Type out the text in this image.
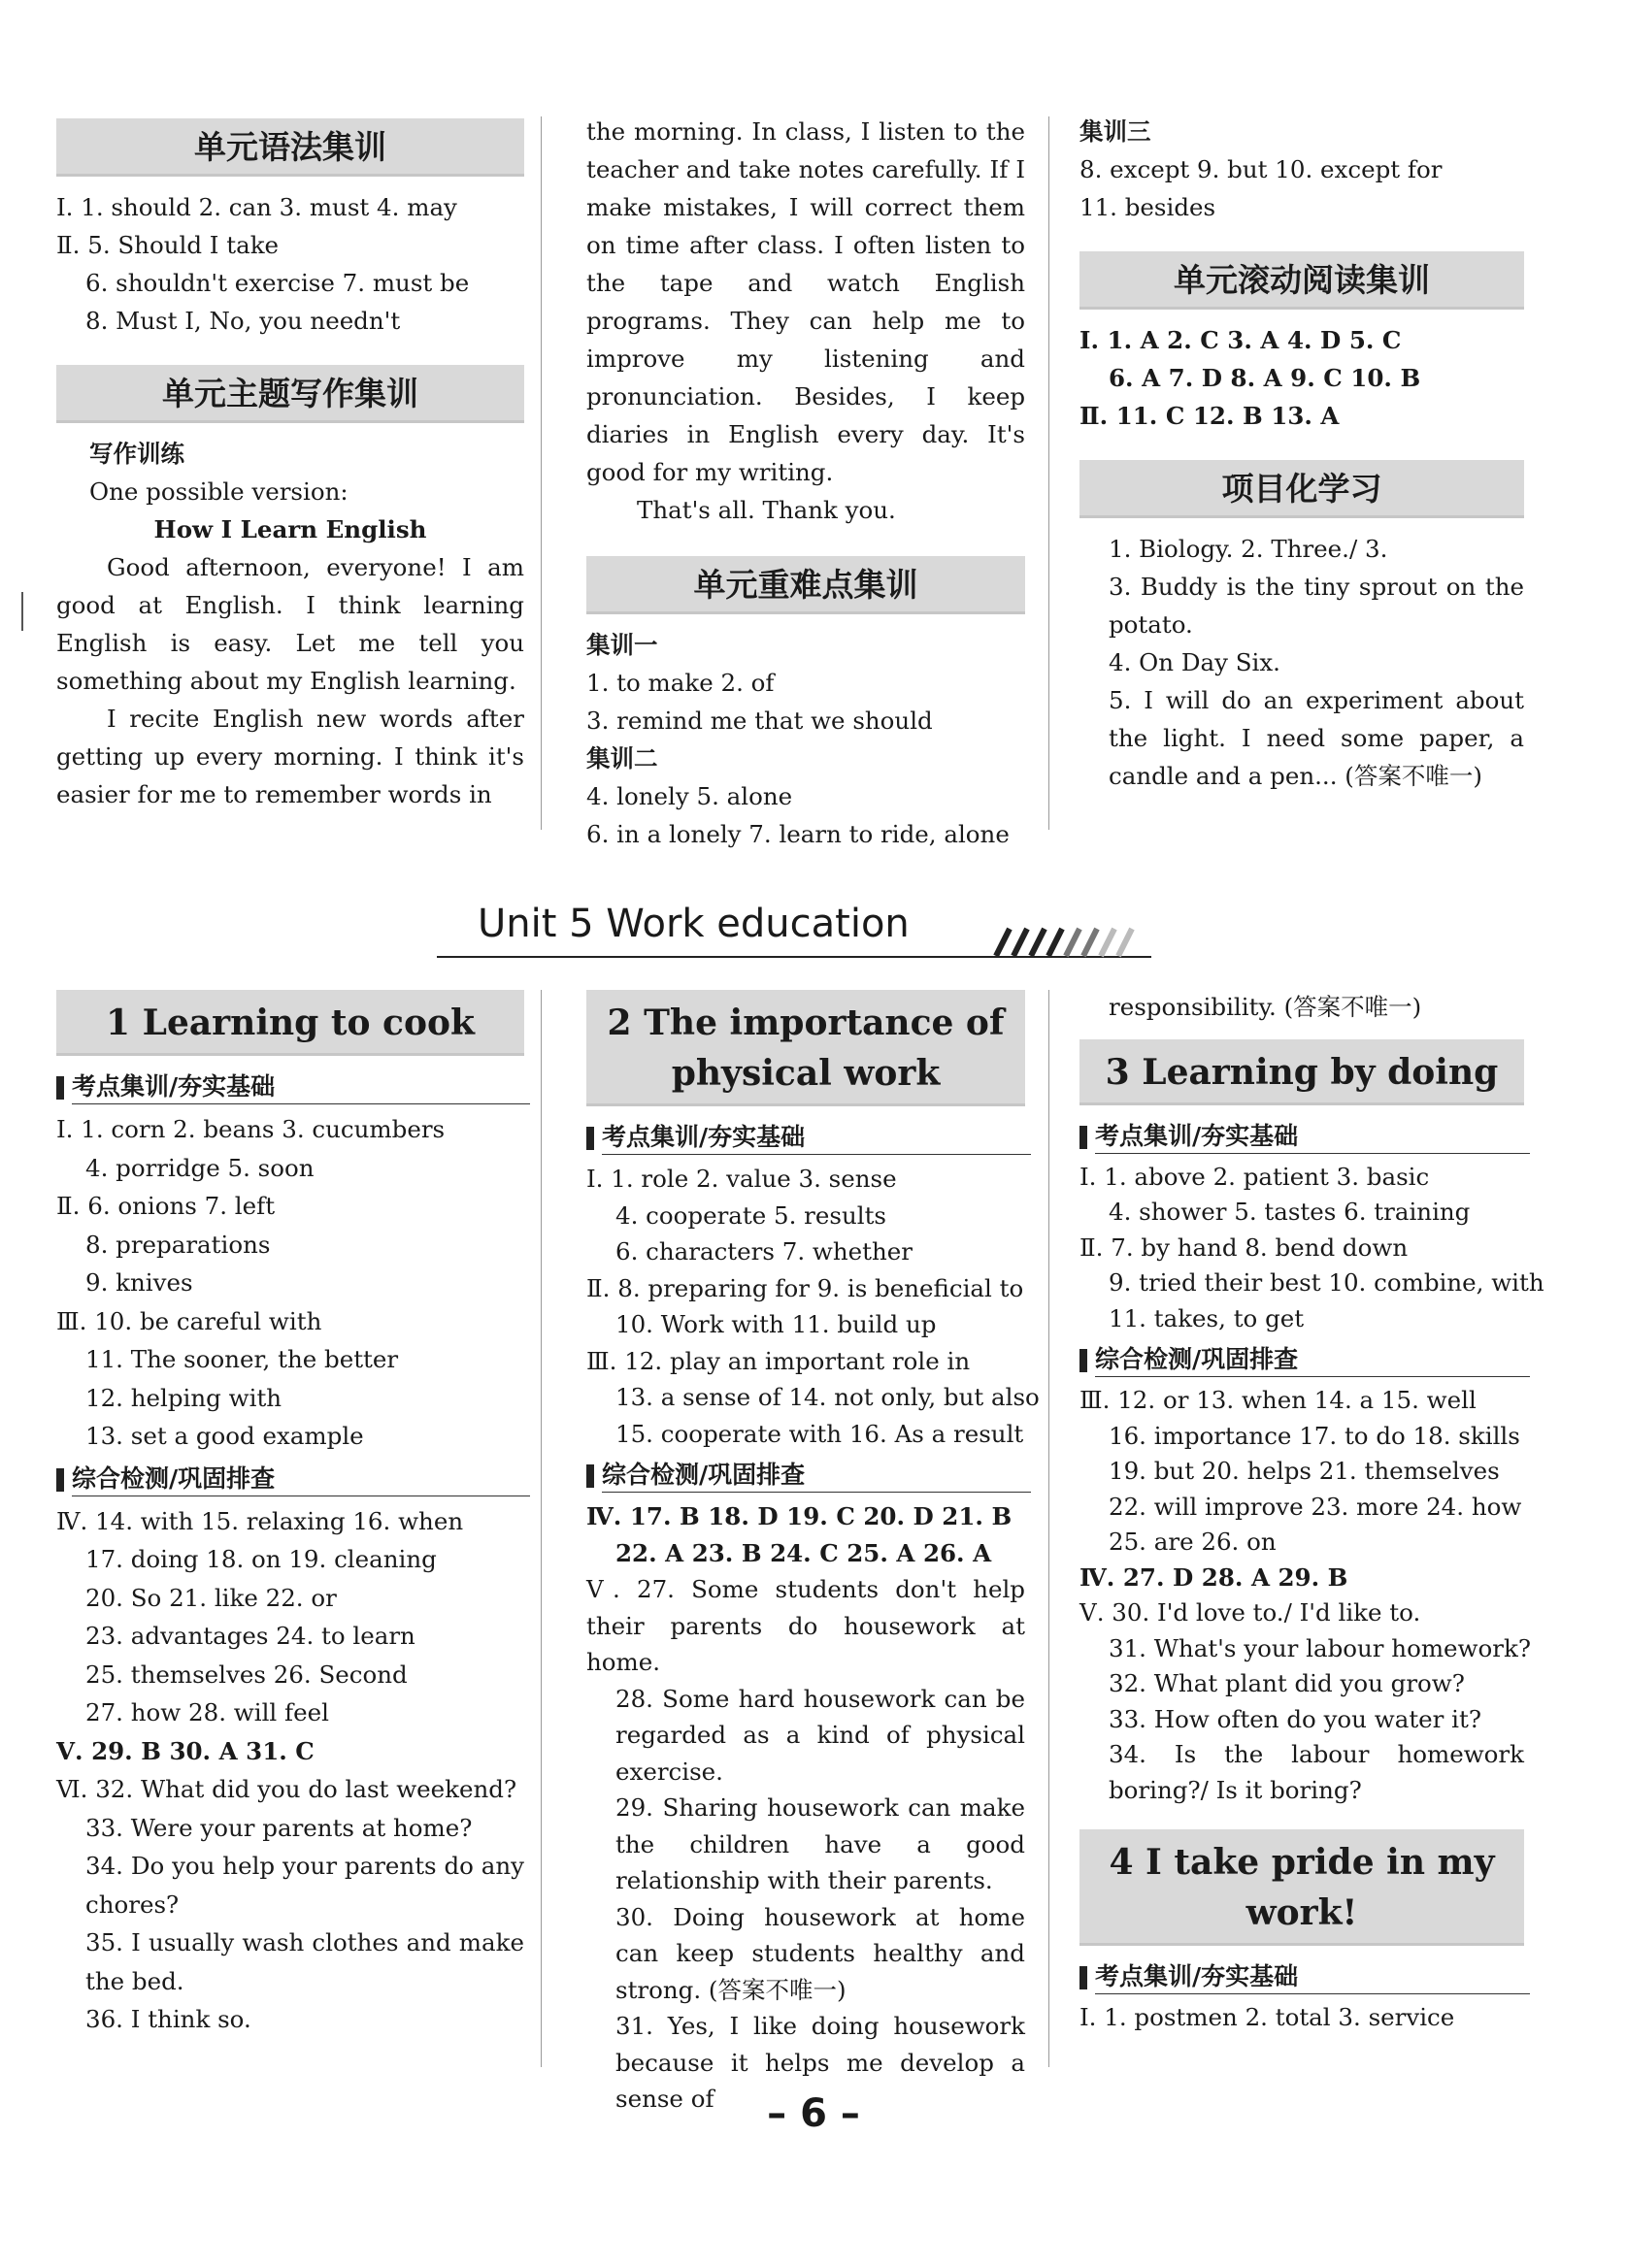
单元语法集训
Ⅰ. 1. should 2. can 3. must 4. may
Ⅱ. 5. Should I take
6. shouldn't exercise 7. must be
8. Must I, No, you needn't
单元主题写作集训
写作训练
One possible version:
How I Learn English
Good afternoon, everyone! I am good at English. I think learning English is easy. Let me tell you something about my English learning.
I recite English new words after getting up every morning. I think it's easier for me to remember words in
the morning. In class, I listen to the teacher and take notes carefully. If I make mistakes, I will correct them on time after class. I often listen to the tape and watch English programs. They can help me to improve my listening and pronunciation. Besides, I keep diaries in English every day. It's good for my writing.
That's all. Thank you.
单元重难点集训
集训一
1. to make 2. of
3. remind me that we should
集训二
4. lonely 5. alone
6. in a lonely 7. learn to ride, alone
集训三
8. except 9. but 10. except for
11. besides
单元滚动阅读集训
Ⅰ. 1. A 2. C 3. A 4. D 5. C
6. A 7. D 8. A 9. C 10. B
Ⅱ. 11. C 12. B 13. A
项目化学习
1. Biology. 2. Three./ 3.
3. Buddy is the tiny sprout on the potato.
4. On Day Six.
5. I will do an experiment about the light. I need some paper, a candle and a pen... (答案不唯一)
Unit 5 Work education
1 Learning to cook
考点集训/夯实基础
Ⅰ. 1. corn 2. beans 3. cucumbers
4. porridge 5. soon
Ⅱ. 6. onions 7. left
8. preparations
9. knives
Ⅲ. 10. be careful with
11. The sooner, the better
12. helping with
13. set a good example
综合检测/巩固排查
Ⅳ. 14. with 15. relaxing 16. when
17. doing 18. on 19. cleaning
20. So 21. like 22. or
23. advantages 24. to learn
25. themselves 26. Second
27. how 28. will feel
Ⅴ. 29. B 30. A 31. C
Ⅵ. 32. What did you do last weekend?
33. Were your parents at home?
34. Do you help your parents do any chores?
35. I usually wash clothes and make the bed.
36. I think so.
2 The importance of physical work
考点集训/夯实基础
Ⅰ. 1. role 2. value 3. sense
4. cooperate 5. results
6. characters 7. whether
Ⅱ. 8. preparing for 9. is beneficial to
10. Work with 11. build up
Ⅲ. 12. play an important role in
13. a sense of 14. not only, but also
15. cooperate with 16. As a result
综合检测/巩固排查
Ⅳ. 17. B 18. D 19. C 20. D 21. B
22. A 23. B 24. C 25. A 26. A
Ⅴ. 27. Some students don't help their parents do housework at home.
28. Some hard housework can be regarded as a kind of physical exercise.
29. Sharing housework can make the children have a good relationship with their parents.
30. Doing housework at home can keep students healthy and strong. (答案不唯一)
31. Yes, I like doing housework because it helps me develop a sense of
responsibility. (答案不唯一)
3 Learning by doing
考点集训/夯实基础
Ⅰ. 1. above 2. patient 3. basic
4. shower 5. tastes 6. training
Ⅱ. 7. by hand 8. bend down
9. tried their best 10. combine, with
11. takes, to get
综合检测/巩固排查
Ⅲ. 12. or 13. when 14. a 15. well
16. importance 17. to do 18. skills
19. but 20. helps 21. themselves
22. will improve 23. more 24. how
25. are 26. on
Ⅳ. 27. D 28. A 29. B
Ⅴ. 30. I'd love to./ I'd like to.
31. What's your labour homework?
32. What plant did you grow?
33. How often do you water it?
34. Is the labour homework boring?/ Is it boring?
4 I take pride in my work!
考点集训/夯实基础
Ⅰ. 1. postmen 2. total 3. service
– 6 –
